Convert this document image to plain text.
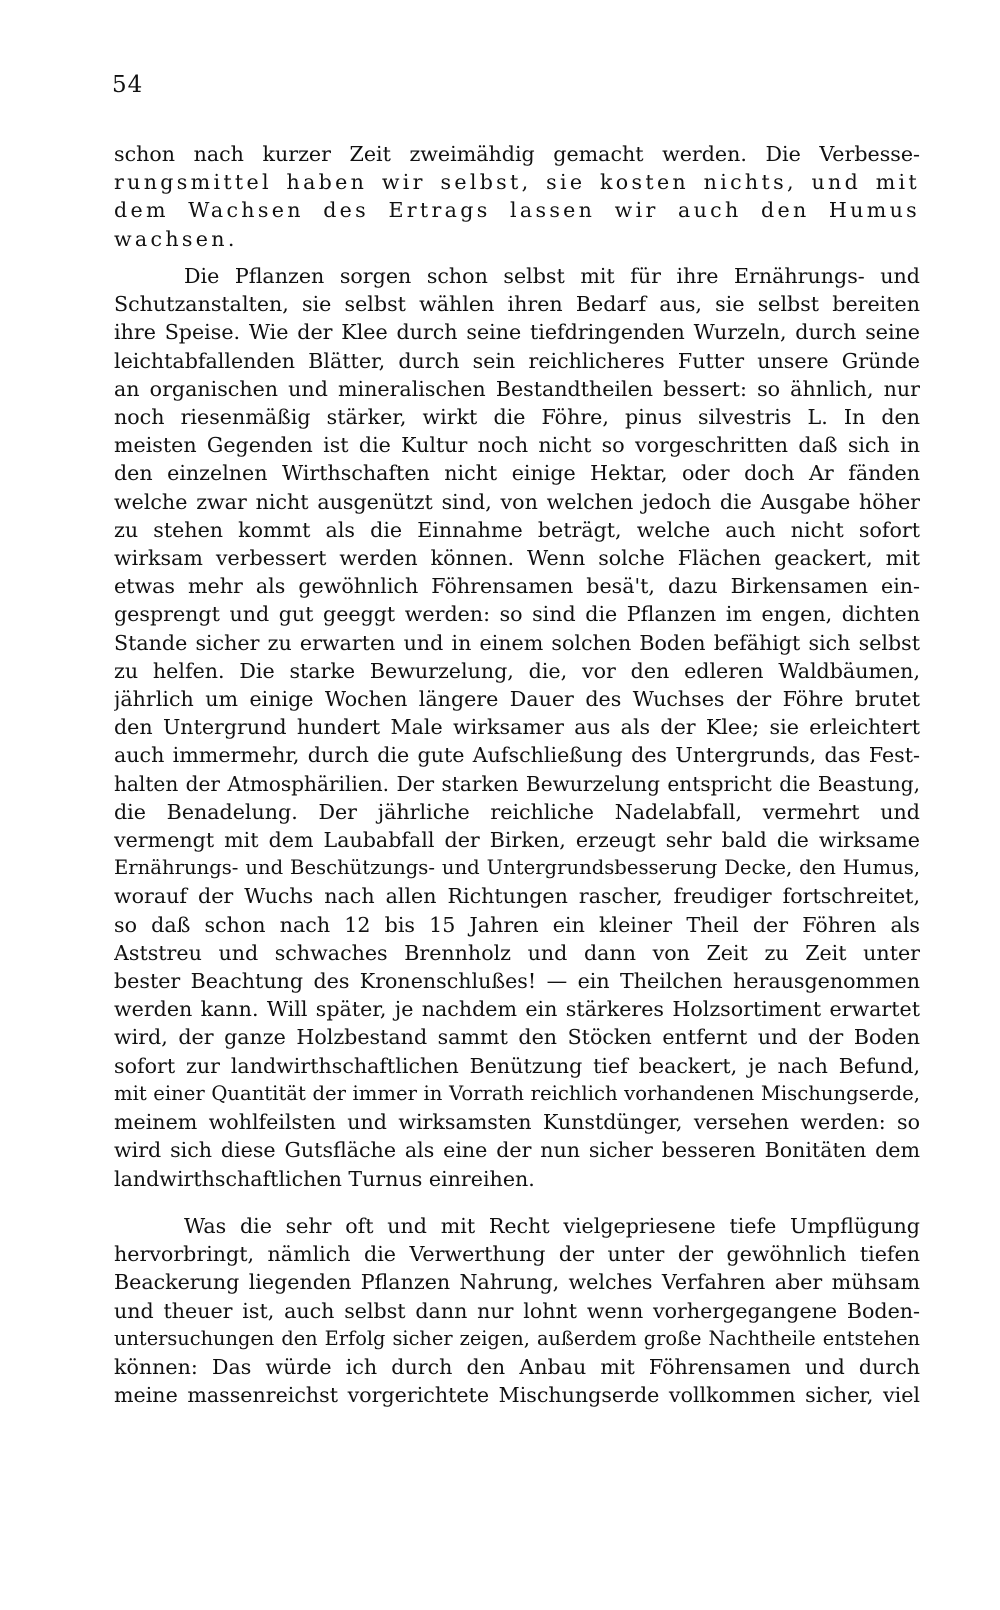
54
schon nach kurzer Zeit zweimähdig gemacht werden. Die Verbesse-
rungsmittel haben wir selbst, sie kosten nichts, und mit
dem Wachsen des Ertrags lassen wir auch den Humus
wachsen.
Die Pflanzen sorgen schon selbst mit für ihre Ernährungs- und
Schutzanstalten, sie selbst wählen ihren Bedarf aus, sie selbst bereiten
ihre Speise. Wie der Klee durch seine tiefdringenden Wurzeln, durch seine
leichtabfallenden Blätter, durch sein reichlicheres Futter unsere Gründe
an organischen und mineralischen Bestandtheilen bessert: so ähnlich, nur
noch riesenmäßig stärker, wirkt die Föhre, pinus silvestris L. In den
meisten Gegenden ist die Kultur noch nicht so vorgeschritten daß sich in
den einzelnen Wirthschaften nicht einige Hektar, oder doch Ar fänden
welche zwar nicht ausgenützt sind, von welchen jedoch die Ausgabe höher
zu stehen kommt als die Einnahme beträgt, welche auch nicht sofort
wirksam verbessert werden können. Wenn solche Flächen geackert, mit
etwas mehr als gewöhnlich Föhrensamen besä't, dazu Birkensamen ein-
gesprengt und gut geeggt werden: so sind die Pflanzen im engen, dichten
Stande sicher zu erwarten und in einem solchen Boden befähigt sich selbst
zu helfen. Die starke Bewurzelung, die, vor den edleren Waldbäumen,
jährlich um einige Wochen längere Dauer des Wuchses der Föhre brutet
den Untergrund hundert Male wirksamer aus als der Klee; sie erleichtert
auch immermehr, durch die gute Aufschließung des Untergrunds, das Fest-
halten der Atmosphärilien. Der starken Bewurzelung entspricht die Beastung,
die Benadelung. Der jährliche reichliche Nadelabfall, vermehrt und
vermengt mit dem Laubabfall der Birken, erzeugt sehr bald die wirksame
Ernährungs- und Beschützungs- und Untergrundsbesserung Decke, den Humus,
worauf der Wuchs nach allen Richtungen rascher, freudiger fortschreitet,
so daß schon nach 12 bis 15 Jahren ein kleiner Theil der Föhren als
Aststreu und schwaches Brennholz und dann von Zeit zu Zeit unter
bester Beachtung des Kronenschlußes! — ein Theilchen herausgenommen
werden kann. Will später, je nachdem ein stärkeres Holzsortiment erwartet
wird, der ganze Holzbestand sammt den Stöcken entfernt und der Boden
sofort zur landwirthschaftlichen Benützung tief beackert, je nach Befund,
mit einer Quantität der immer in Vorrath reichlich vorhandenen Mischungserde,
meinem wohlfeilsten und wirksamsten Kunstdünger, versehen werden: so
wird sich diese Gutsfläche als eine der nun sicher besseren Bonitäten dem
landwirthschaftlichen Turnus einreihen.
Was die sehr oft und mit Recht vielgepriesene tiefe Umpflügung
hervorbringt, nämlich die Verwerthung der unter der gewöhnlich tiefen
Beackerung liegenden Pflanzen Nahrung, welches Verfahren aber mühsam
und theuer ist, auch selbst dann nur lohnt wenn vorhergegangene Boden-
untersuchungen den Erfolg sicher zeigen, außerdem große Nachtheile entstehen
können: Das würde ich durch den Anbau mit Föhrensamen und durch
meine massenreichst vorgerichtete Mischungserde vollkommen sicher, viel
